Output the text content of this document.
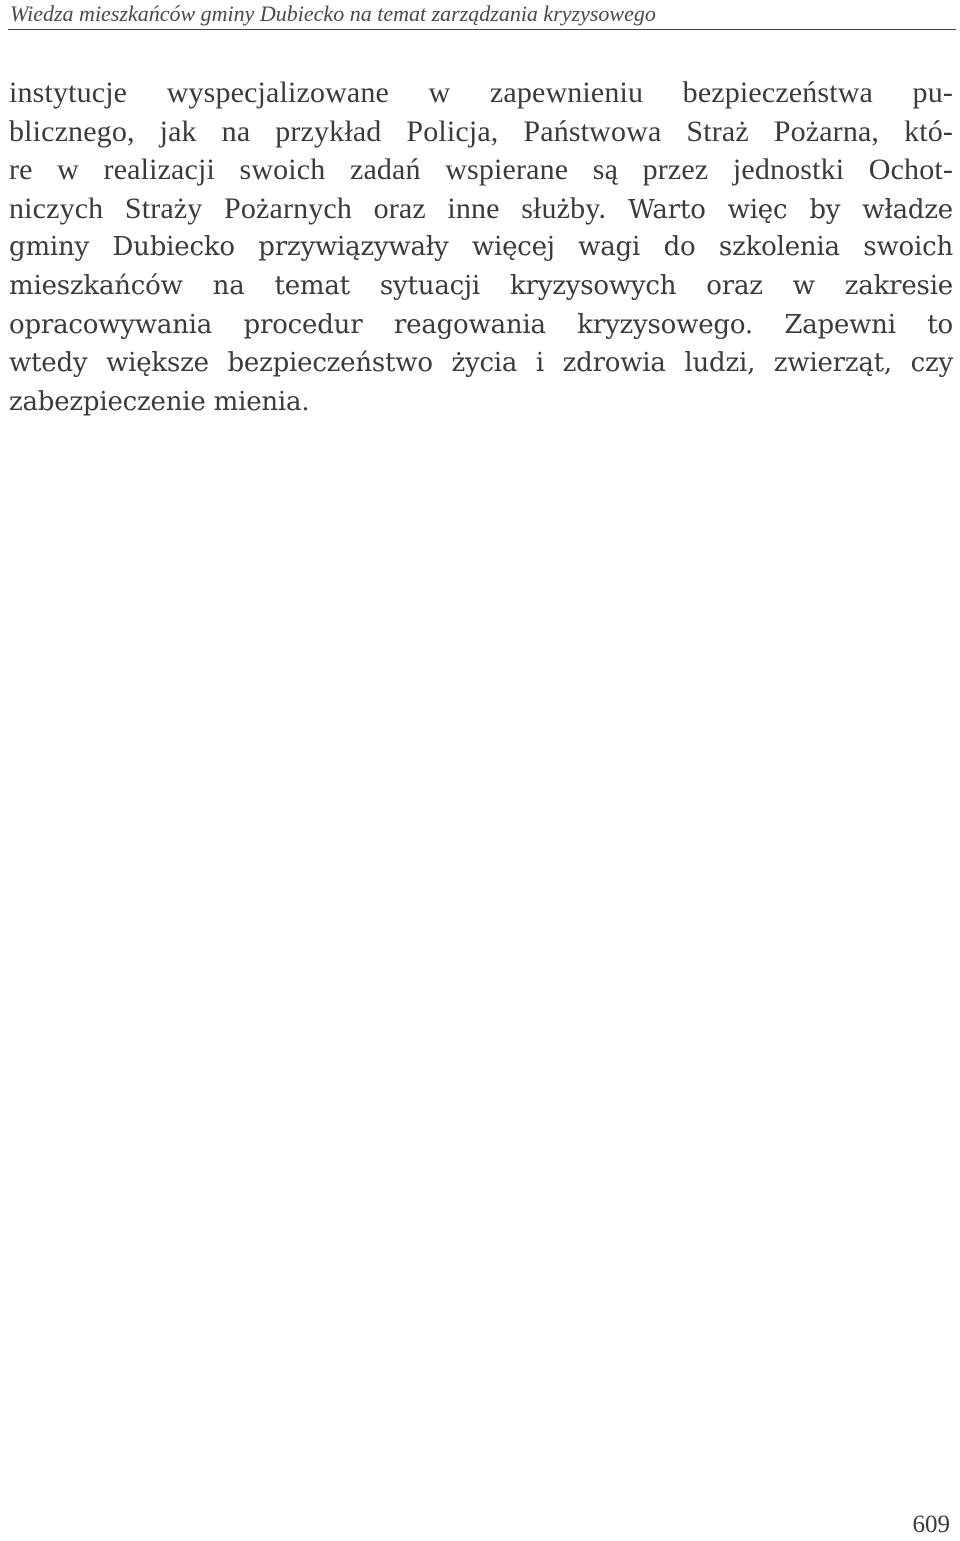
Wiedza mieszkańców gminy Dubiecko na temat zarządzania kryzysowego
instytucje wyspecjalizowane w zapewnieniu bezpieczeństwa pu-
blicznego, jak na przykład Policja, Państwowa Straż Pożarna, któ-
re w realizacji swoich zadań wspierane są przez jednostki Ochot-
niczych Straży Pożarnych oraz inne służby. Warto więc by władze
gminy Dubiecko przywiązywały więcej wagi do szkolenia swoich
mieszkańców na temat sytuacji kryzysowych oraz w zakresie
opracowywania procedur reagowania kryzysowego. Zapewni to
wtedy większe bezpieczeństwo życia i zdrowia ludzi, zwierząt, czy
zabezpieczenie mienia.
609
